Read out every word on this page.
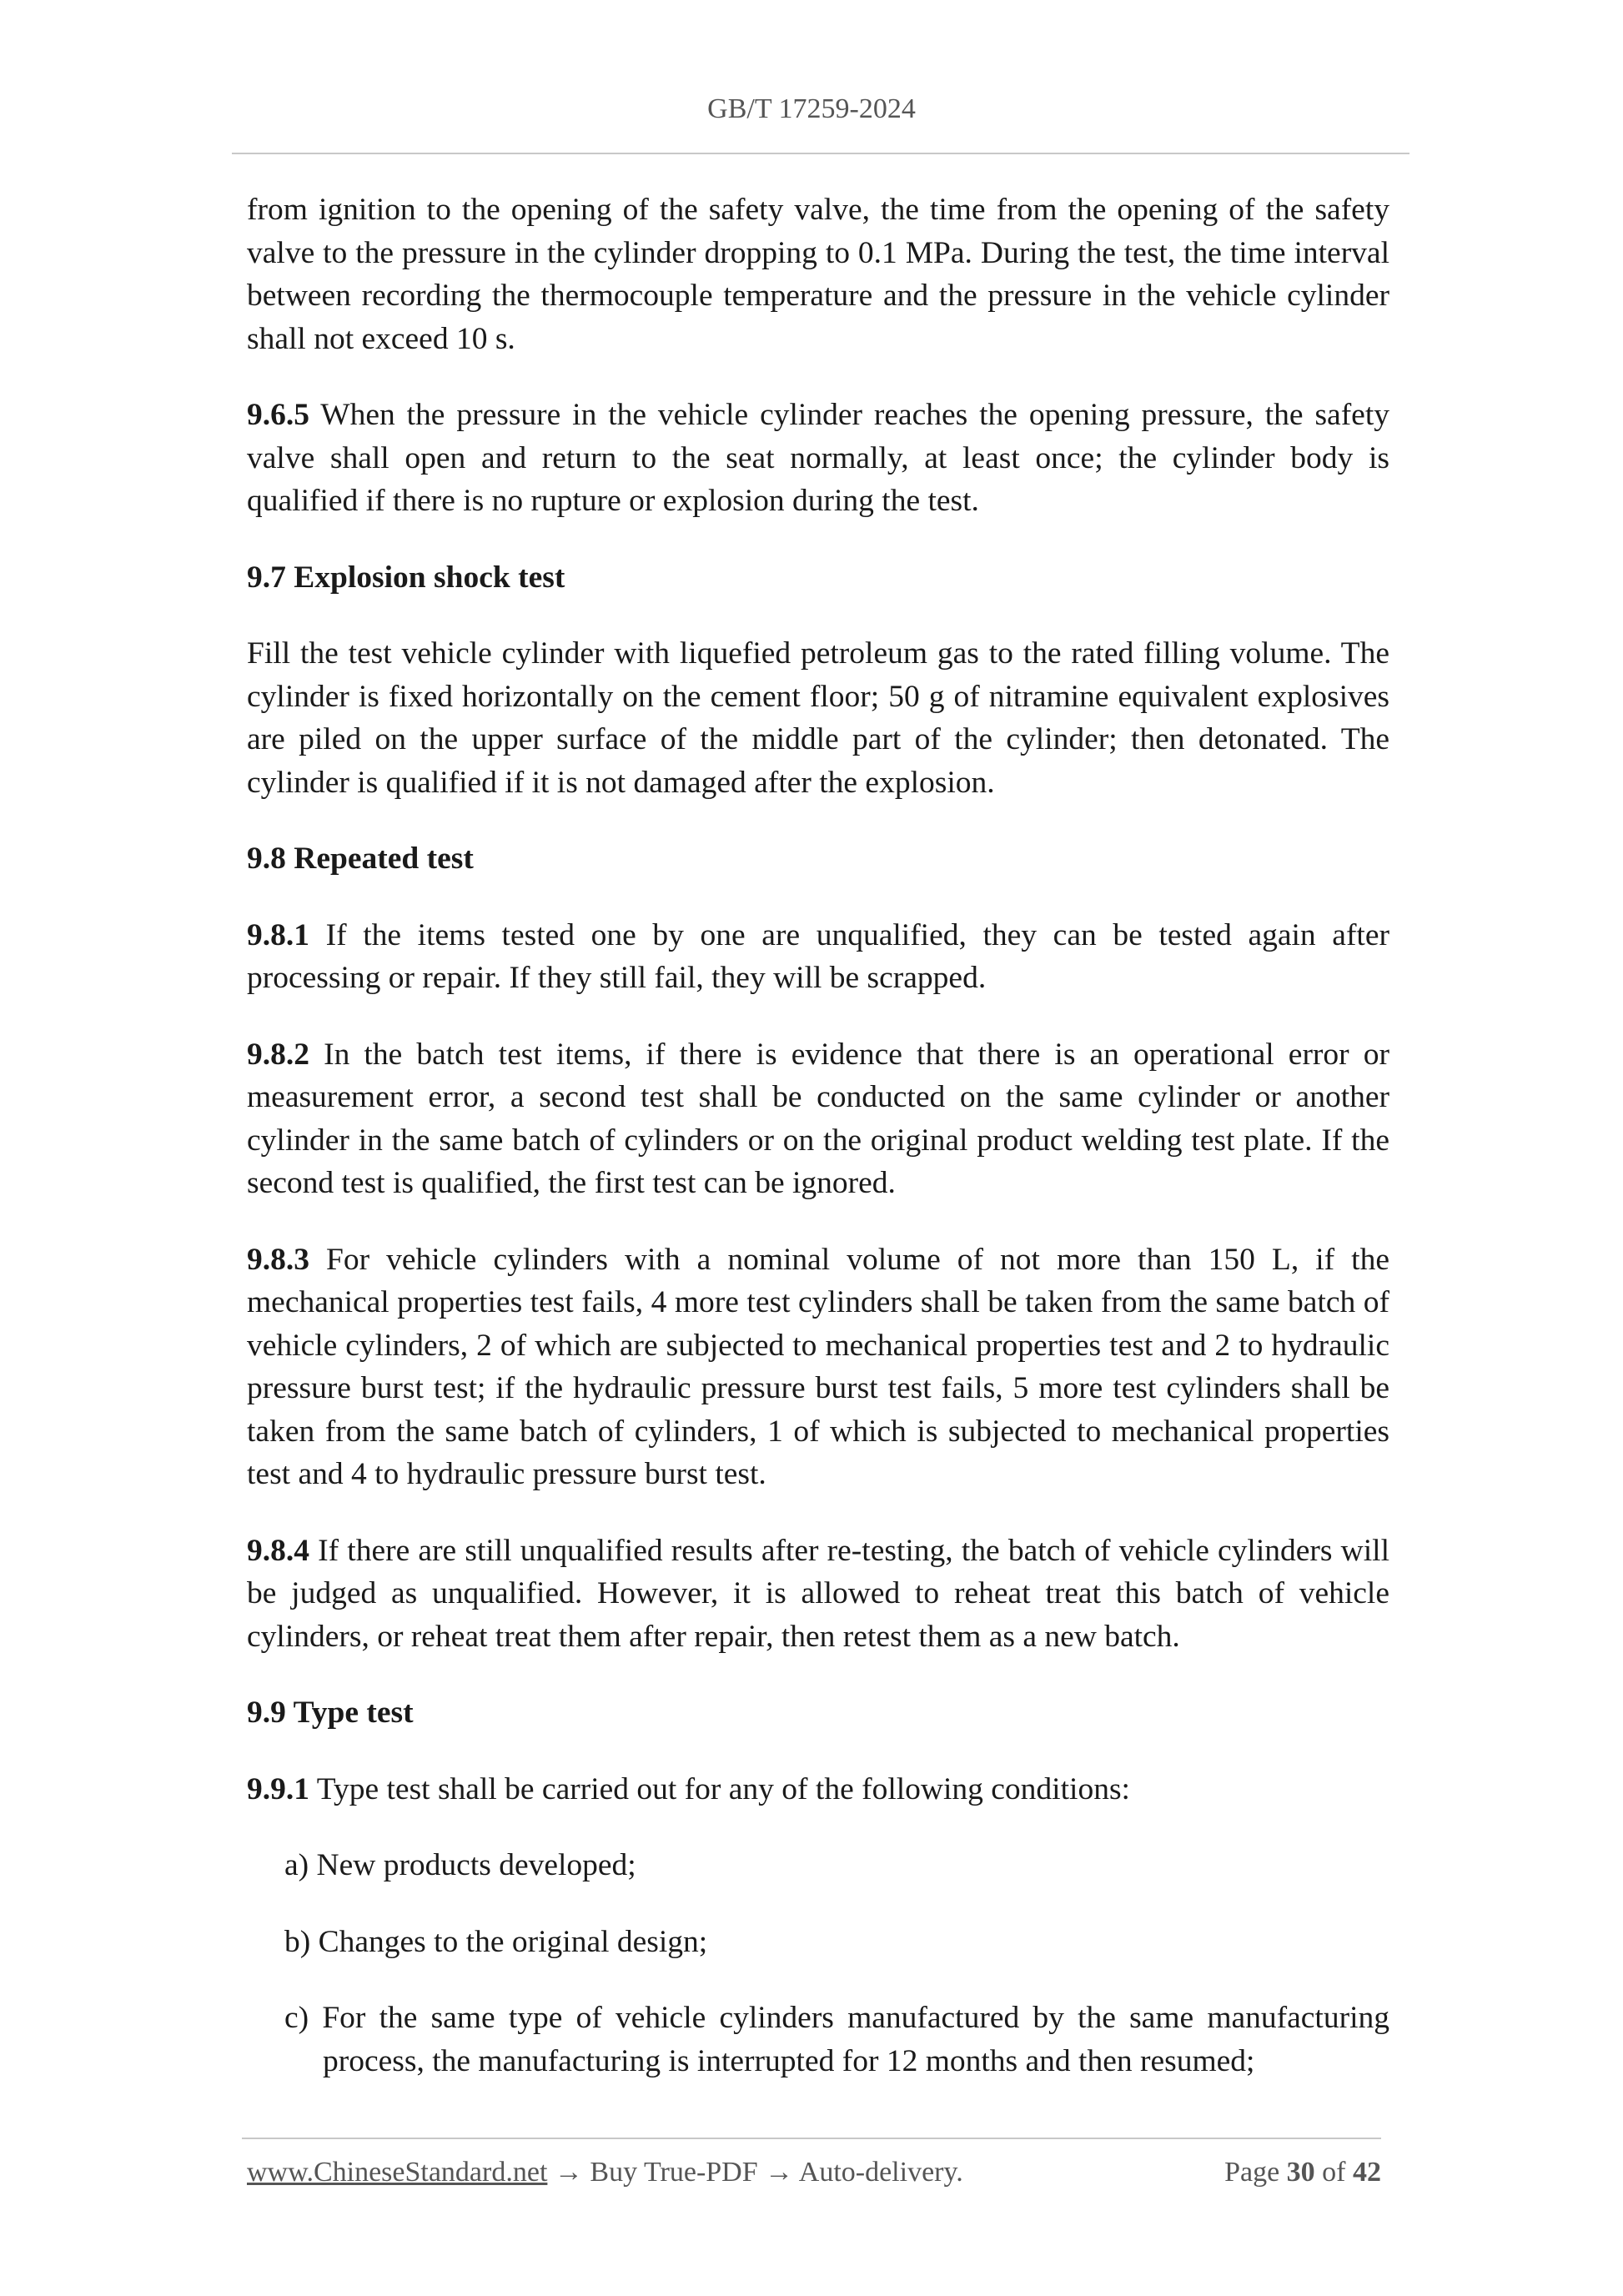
GB/T 17259-2024

from ignition to the opening of the safety valve, the time from the opening of the safety valve to the pressure in the cylinder dropping to 0.1 MPa. During the test, the time interval between recording the thermocouple temperature and the pressure in the vehicle cylinder shall not exceed 10 s.

9.6.5 When the pressure in the vehicle cylinder reaches the opening pressure, the safety valve shall open and return to the seat normally, at least once; the cylinder body is qualified if there is no rupture or explosion during the test.

9.7 Explosion shock test

Fill the test vehicle cylinder with liquefied petroleum gas to the rated filling volume. The cylinder is fixed horizontally on the cement floor; 50 g of nitramine equivalent explosives are piled on the upper surface of the middle part of the cylinder; then detonated. The cylinder is qualified if it is not damaged after the explosion.

9.8 Repeated test

9.8.1 If the items tested one by one are unqualified, they can be tested again after processing or repair. If they still fail, they will be scrapped.

9.8.2 In the batch test items, if there is evidence that there is an operational error or measurement error, a second test shall be conducted on the same cylinder or another cylinder in the same batch of cylinders or on the original product welding test plate. If the second test is qualified, the first test can be ignored.

9.8.3 For vehicle cylinders with a nominal volume of not more than 150 L, if the mechanical properties test fails, 4 more test cylinders shall be taken from the same batch of vehicle cylinders, 2 of which are subjected to mechanical properties test and 2 to hydraulic pressure burst test; if the hydraulic pressure burst test fails, 5 more test cylinders shall be taken from the same batch of cylinders, 1 of which is subjected to mechanical properties test and 4 to hydraulic pressure burst test.

9.8.4 If there are still unqualified results after re-testing, the batch of vehicle cylinders will be judged as unqualified. However, it is allowed to reheat treat this batch of vehicle cylinders, or reheat treat them after repair, then retest them as a new batch.

9.9 Type test

9.9.1 Type test shall be carried out for any of the following conditions:

a) New products developed;

b) Changes to the original design;

c) For the same type of vehicle cylinders manufactured by the same manufacturing process, the manufacturing is interrupted for 12 months and then resumed;

www.ChineseStandard.net → Buy True-PDF → Auto-delivery.	Page 30 of 42
